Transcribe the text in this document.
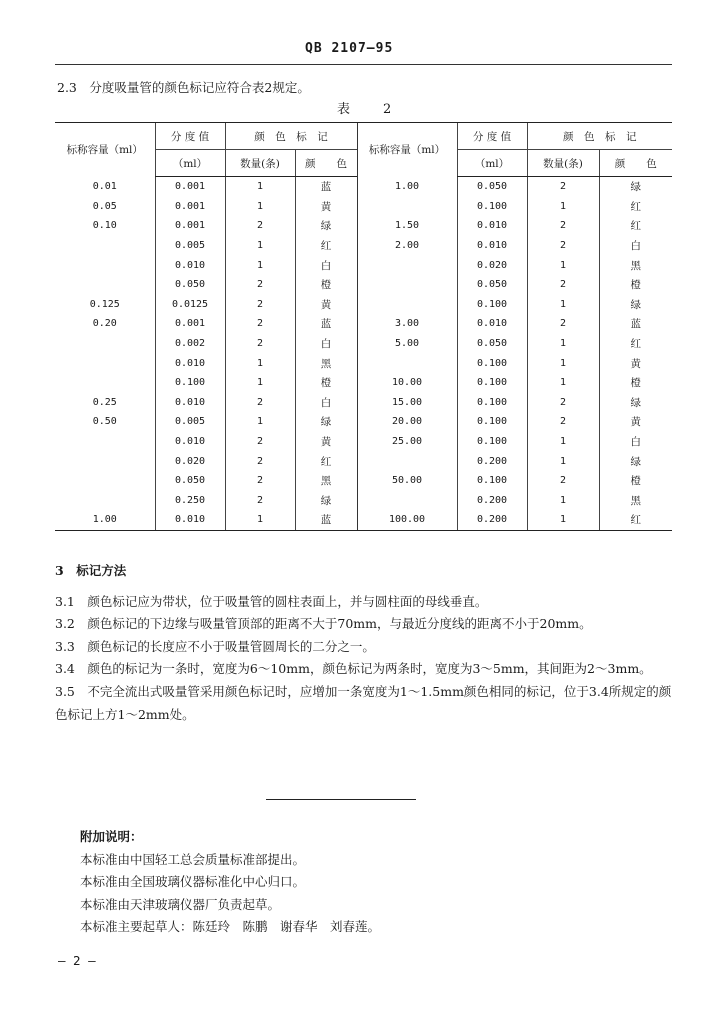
QB 2107—95
2.3　分度吸量管的颜色标记应符合表2规定。
表　2
标称容量（ml）	分 度 值	颜　色　标　记		标称容量（ml）	分 度 值	颜　色　标　记	
	（ml）	数量(条)	颜　　色		（ml）	数量(条)	颜　　色
0.01	0.001	1	蓝	1.00	0.050	2	绿
0.05	0.001	1	黄		0.100	1	红
0.10	0.001	2	绿	1.50	0.010	2	红
	0.005	1	红	2.00	0.010	2	白
	0.010	1	白		0.020	1	黑
	0.050	2	橙		0.050	2	橙
0.125	0.0125	2	黄		0.100	1	绿
0.20	0.001	2	蓝	3.00	0.010	2	蓝
	0.002	2	白	5.00	0.050	1	红
	0.010	1	黑		0.100	1	黄
	0.100	1	橙	10.00	0.100	1	橙
0.25	0.010	2	白	15.00	0.100	2	绿
0.50	0.005	1	绿	20.00	0.100	2	黄
	0.010	2	黄	25.00	0.100	1	白
	0.020	2	红		0.200	1	绿
	0.050	2	黑	50.00	0.100	2	橙
	0.250	2	绿		0.200	1	黑
1.00	0.010	1	蓝	100.00	0.200	1	红

3　标记方法

3.1　颜色标记应为带状，位于吸量管的圆柱表面上，并与圆柱面的母线垂直。

3.2　颜色标记的下边缘与吸量管顶部的距离不大于70mm，与最近分度线的距离不小于20mm。

3.3　颜色标记的长度应不小于吸量管圆周长的二分之一。

3.4　颜色的标记为一条时，宽度为6～10mm，颜色标记为两条时，宽度为3～5mm，其间距为2～3mm。

3.5　不完全流出式吸量管采用颜色标记时，应增加一条宽度为1～1.5mm颜色相同的标记，位于3.4所规定的颜色标记上方1～2mm处。

附加说明：

本标准由中国轻工总会质量标准部提出。

本标准由全国玻璃仪器标准化中心归口。

本标准由天津玻璃仪器厂负责起草。

本标准主要起草人：陈廷玲　陈鹏　谢春华　刘春莲。

— 2 —
